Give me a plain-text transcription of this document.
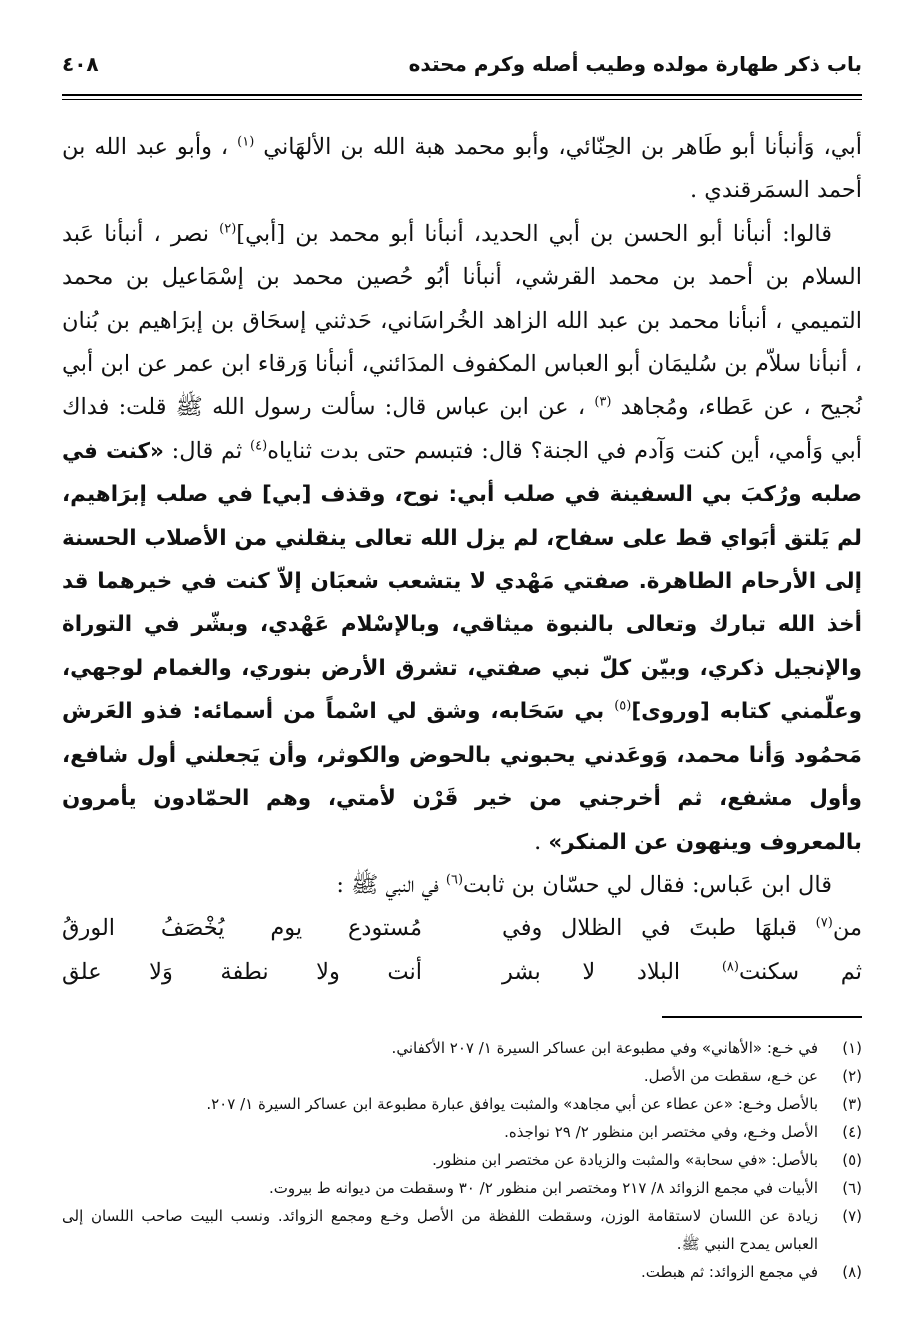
باب ذكر طهارة مولده وطيب أصله وكرم محتده
٤٠٨

أبي، وَأنبأنا أبو طَاهر بن الحِنّائي، وأبو محمد هبة الله بن الألهَاني $^{(١)}$ ، وأبو عبد الله بن أحمد السمَرقندي .

قالوا: أنبأنا أبو الحسن بن أبي الحديد، أنبأنا أبو محمد بن [أبي]$^{(٢)}$ نصر ، أنبأنا عَبد السلام بن أحمد بن محمد القرشي، أنبأنا أبُو حُصين محمد بن إسْمَاعيل بن محمد التميمي ، أنبأنا محمد بن عبد الله الزاهد الخُراسَاني، حَدثني إسحَاق بن إبرَاهيم بن بُنان ، أنبأنا سلاّم بن سُليمَان أبو العباس المكفوف المدَائني، أنبأنا وَرقاء ابن عمر عن ابن أبي نُجيح ، عن عَطاء، ومُجاهد $^{(٣)}$ ، عن ابن عباس قال: سألت رسول الله ﷺ قلت: فداك أبي وَأمي، أين كنت وَآدم في الجنة؟ قال: فتبسم حتى بدت ثناياه$^{(٤)}$ ثم قال: «كنت في صلبه ورُكبَ بي السفينة في صلب أبي: نوح، وقذف [بي] في صلب إبرَاهيم، لم يَلتق أبَواي قط على سفاح، لم يزل الله تعالى ينقلني من الأصلاب الحسنة إلى الأرحام الطاهرة. صفتي مَهْدي لا يتشعب شعبَان إلاّ كنت في خيرهما قد أخذ الله تبارك وتعالى بالنبوة ميثاقي، وبالإسْلام عَهْدي، وبشّر في التوراة والإنجيل ذكري، وبيّن كلّ نبي صفتي، تشرق الأرض بنوري، والغمام لوجهي، وعلّمني كتابه [وروى]$^{(٥)}$ بي سَحَابه، وشق لي اسْماً من أسمائه: فذو العَرش مَحمُود وَأنا محمد، وَوعَدني يحبوني بالحوض والكوثر، وأن يَجعلني أول شافع، وأول مشفع، ثم أخرجني من خير قَرْن لأمتي، وهم الحمّادون يأمرون بالمعروف وينهون عن المنكر» .

قال ابن عَباس: فقال لي حسّان بن ثابت$^{(٦)}$ في النبي ﷺ :

من$^{(٧)}$ قبلهَا طبتَ في الظلال وفي
مُستودع يوم يُخْصَفُ الورقُ
ثم سكنت$^{(٨)}$ البلاد لا بشر
أنت ولا نطفة وَلا علق
(١)
في خـع: «الأهاني» وفي مطبوعة ابن عساكر السيرة ١/ ٢٠٧ الأكفاني.
(٢)
عن خـع، سقطت من الأصل.
(٣)
بالأصل وخـع: «عن عطاء عن أبي مجاهد» والمثبت يوافق عبارة مطبوعة ابن عساكر السيرة ١/ ٢٠٧.
(٤)
الأصل وخـع، وفي مختصر ابن منظور ٢/ ٢٩ نواجذه.
(٥)
بالأصل: «في سحابة» والمثبت والزيادة عن مختصر ابن منظور.
(٦)
الأبيات في مجمع الزوائد ٨/ ٢١٧ ومختصر ابن منظور ٢/ ٣٠ وسقطت من ديوانه ط بيروت.
(٧)
زيادة عن اللسان لاستقامة الوزن، وسقطت اللفظة من الأصل وخـع ومجمع الزوائد. ونسب البيت صاحب اللسان إلى العباس يمدح النبي ﷺ.
(٨)
في مجمع الزوائد: ثم هبطت.
